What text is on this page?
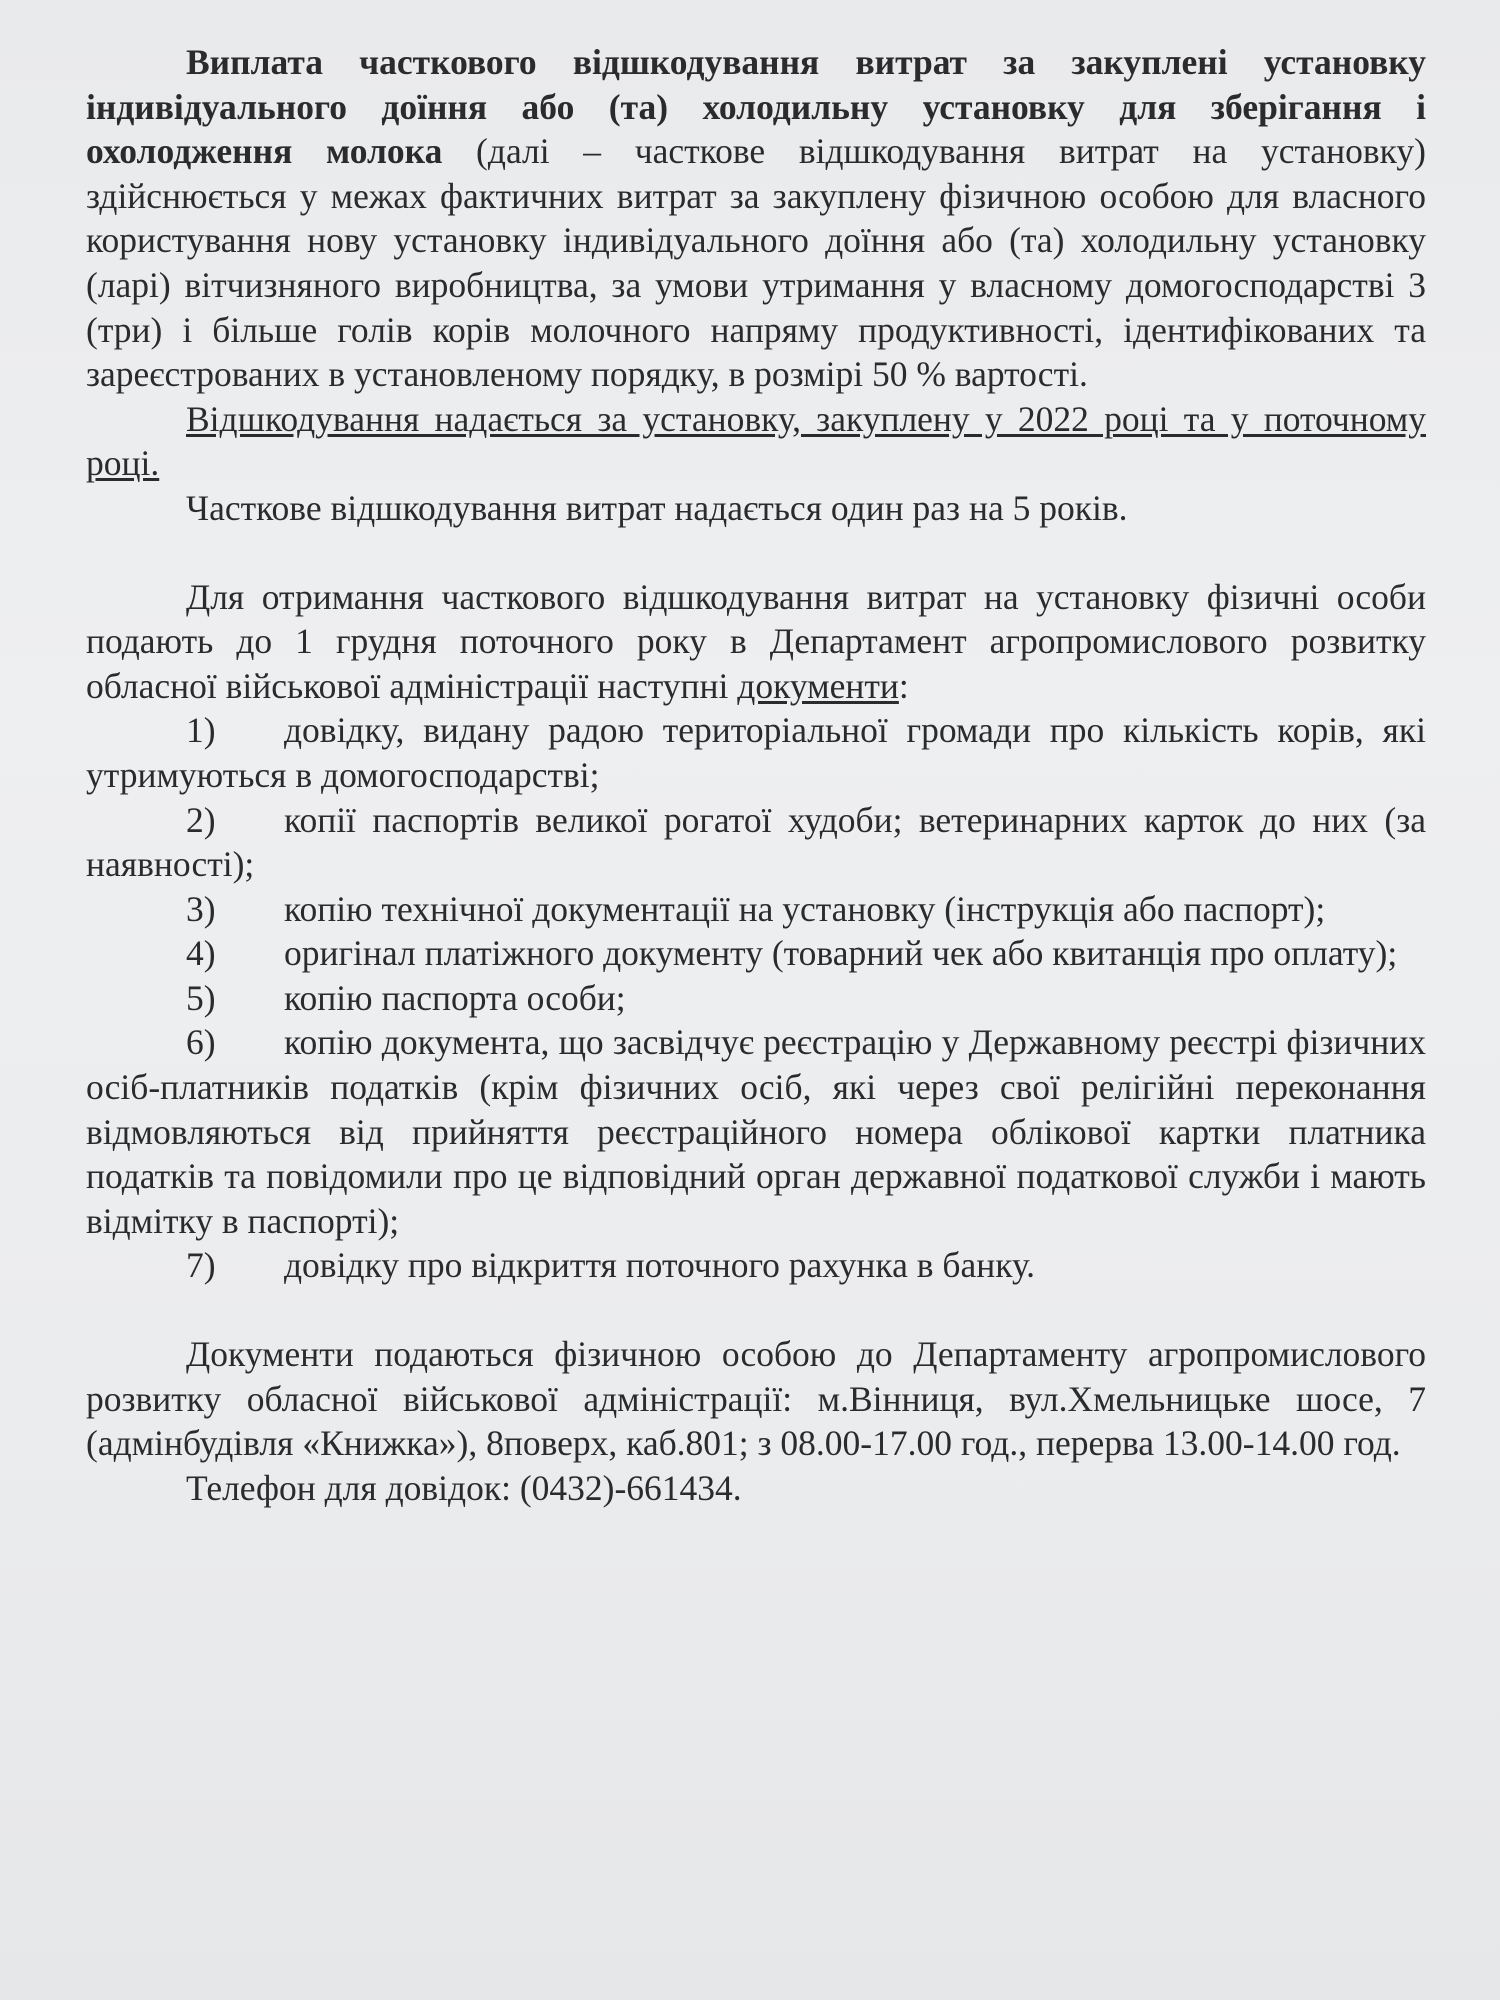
Виплата часткового відшкодування витрат за закуплені установку індивідуального доїння або (та) холодильну установку для зберігання і охолодження молока (далі – часткове відшкодування витрат на установку) здійснюється у межах фактичних витрат за закуплену фізичною особою для власного користування нову установку індивідуального доїння або (та) холодильну установку (ларі) вітчизняного виробництва, за умови утримання у власному домогосподарстві 3 (три) і більше голів корів молочного напряму продуктивності, ідентифікованих та зареєстрованих в установленому порядку, в розмірі 50 % вартості.

Відшкодування надається за установку, закуплену у 2022 році та у поточному році.

Часткове відшкодування витрат надається один раз на 5 років.

Для отримання часткового відшкодування витрат на установку фізичні особи подають до 1 грудня поточного року в Департамент агропромислового розвитку обласної військової адміністрації наступні документи:

1) довідку, видану радою територіальної громади про кількість корів, які утримуються в домогосподарстві;

2) копії паспортів великої рогатої худоби; ветеринарних карток до них (за наявності);

3) копію технічної документації на установку (інструкція або паспорт);

4) оригінал платіжного документу (товарний чек або квитанція про оплату);

5) копію паспорта особи;

6) копію документа, що засвідчує реєстрацію у Державному реєстрі фізичних осіб-платників податків (крім фізичних осіб, які через свої релігійні переконання відмовляються від прийняття реєстраційного номера облікової картки платника податків та повідомили про це відповідний орган державної податкової служби і мають відмітку в паспорті);

7) довідку про відкриття поточного рахунка в банку.

Документи подаються фізичною особою до Департаменту агропромислового розвитку обласної військової адміністрації: м.Вінниця, вул.Хмельницьке шосе, 7 (адмінбудівля «Книжка»), 8поверх, каб.801; з 08.00-17.00 год., перерва 13.00-14.00 год.

Телефон для довідок: (0432)-661434.
